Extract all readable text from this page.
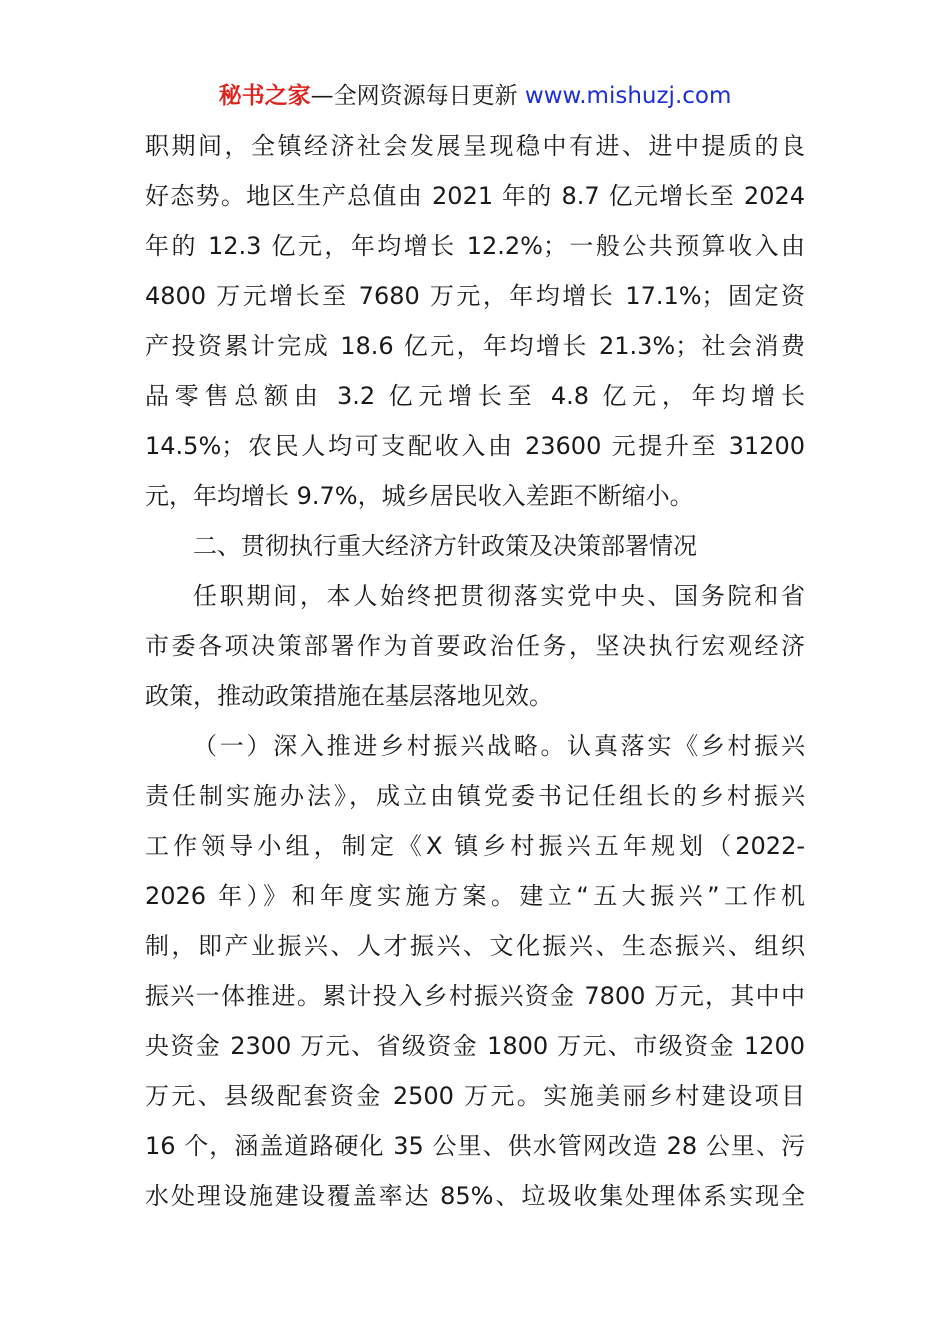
秘书之家—全网资源每日更新 www.mishuzj.com
职期间，全镇经济社会发展呈现稳中有进、进中提质的良
好态势。地区生产总值由 2021 年的 8.7 亿元增长至 2024
年的 12.3 亿元，年均增长 12.2%；一般公共预算收入由
4800 万元增长至 7680 万元，年均增长 17.1%；固定资
产投资累计完成 18.6 亿元，年均增长 21.3%；社会消费
品零售总额由 3.2 亿元增长至 4.8 亿元，年均增长
14.5%；农民人均可支配收入由 23600 元提升至 31200
元，年均增长 9.7%，城乡居民收入差距不断缩小。
二、贯彻执行重大经济方针政策及决策部署情况
任职期间，本人始终把贯彻落实党中央、国务院和省
市委各项决策部署作为首要政治任务，坚决执行宏观经济
政策，推动政策措施在基层落地见效。
（一）深入推进乡村振兴战略。认真落实《乡村振兴
责任制实施办法》，成立由镇党委书记任组长的乡村振兴
工作领导小组，制定《X 镇乡村振兴五年规划（2022-
2026 年）》和年度实施方案。建立“五大振兴”工作机
制，即产业振兴、人才振兴、文化振兴、生态振兴、组织
振兴一体推进。累计投入乡村振兴资金 7800 万元，其中中
央资金 2300 万元、省级资金 1800 万元、市级资金 1200
万元、县级配套资金 2500 万元。实施美丽乡村建设项目
16 个，涵盖道路硬化 35 公里、供水管网改造 28 公里、污
水处理设施建设覆盖率达 85%、垃圾收集处理体系实现全
